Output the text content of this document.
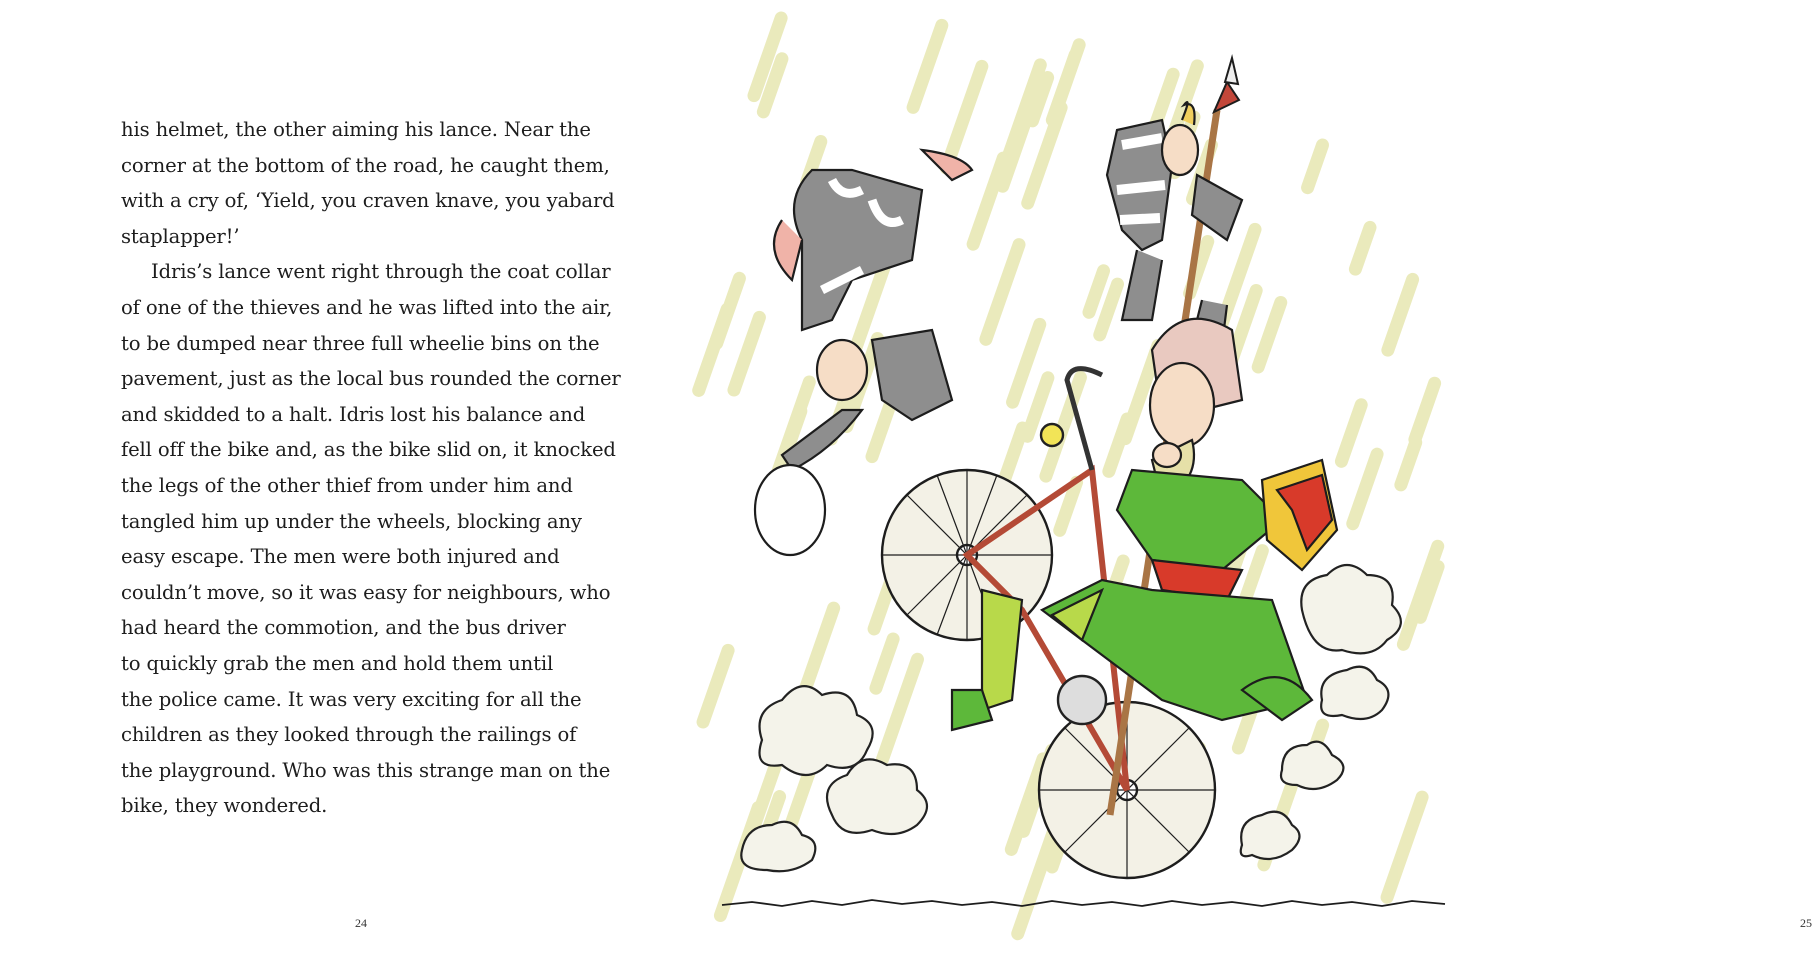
his helmet, the other aiming his lance. Near the
corner at the bottom of the road, he caught them,
with a cry of, ‘Yield, you craven knave, you yabard
staplapper!’
Idris’s lance went right through the coat collar
of one of the thieves and he was lifted into the air,
to be dumped near three full wheelie bins on the
pavement, just as the local bus rounded the corner
and skidded to a halt. Idris lost his balance and
fell off the bike and, as the bike slid on, it knocked
the legs of the other thief from under him and
tangled him up under the wheels, blocking any
easy escape. The men were both injured and
couldn’t move, so it was easy for neighbours, who
had heard the commotion, and the bus driver
to quickly grab the men and hold them until
the police came. It was very exciting for all the
children as they looked through the railings of
the playground. Who was this strange man on the
bike, they wondered.
24	25
